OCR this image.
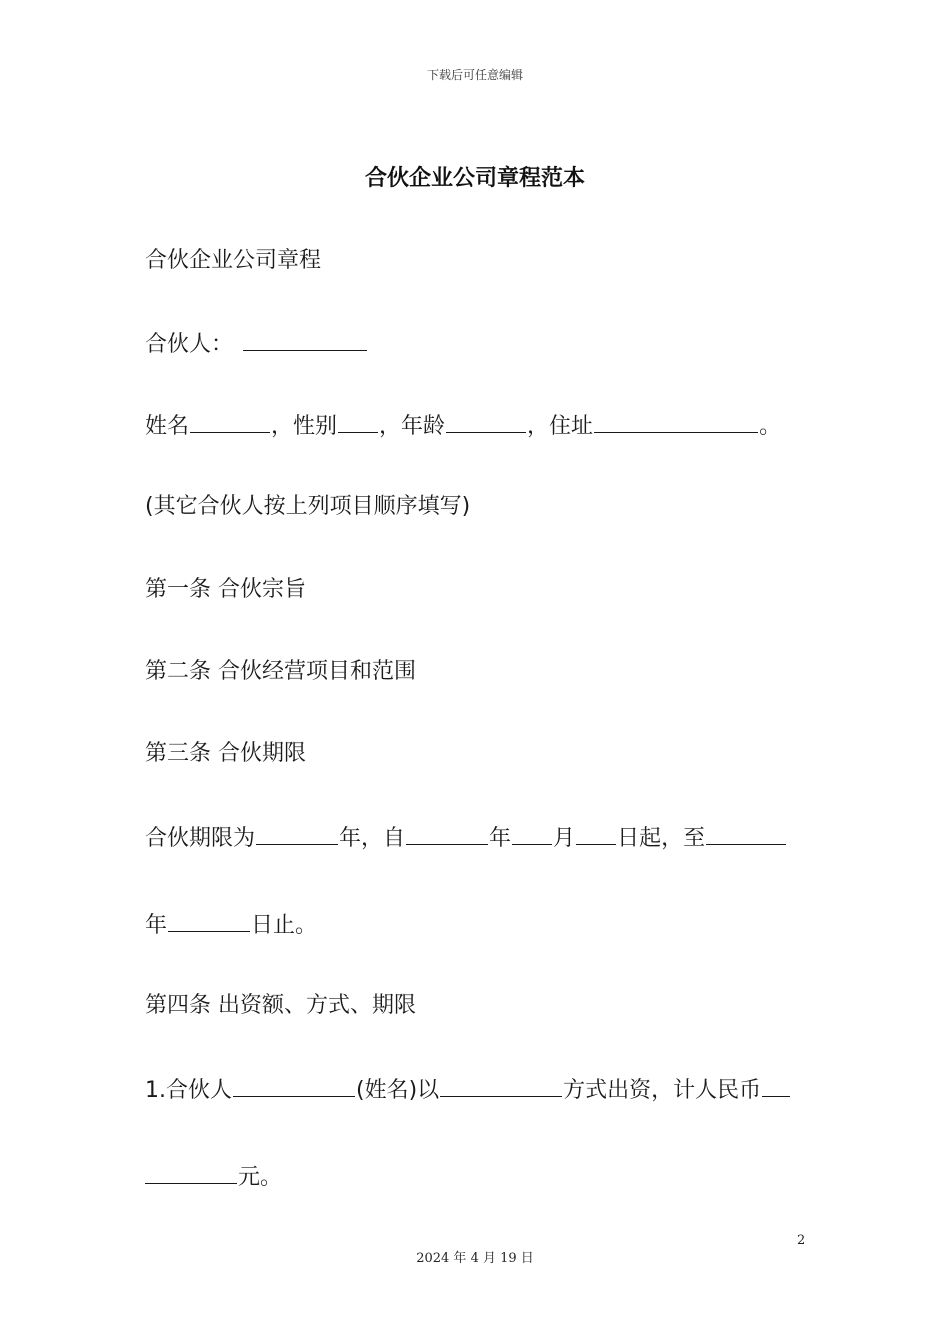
下载后可任意编辑
合伙企业公司章程范本
合伙企业公司章程
合伙人：
姓名	，性别 ，年龄	，住址	。
(其它合伙人按上列项目顺序填写)
第一条 合伙宗旨
第二条 合伙经营项目和范围
第三条 合伙期限
合伙期限为	年，自	年 月 日起，至
年	日止。
第四条 出资额、方式、期限
1.合伙人	(姓名)以	方式出资，计人民币
元。
2
2024 年 4 月 19 日
